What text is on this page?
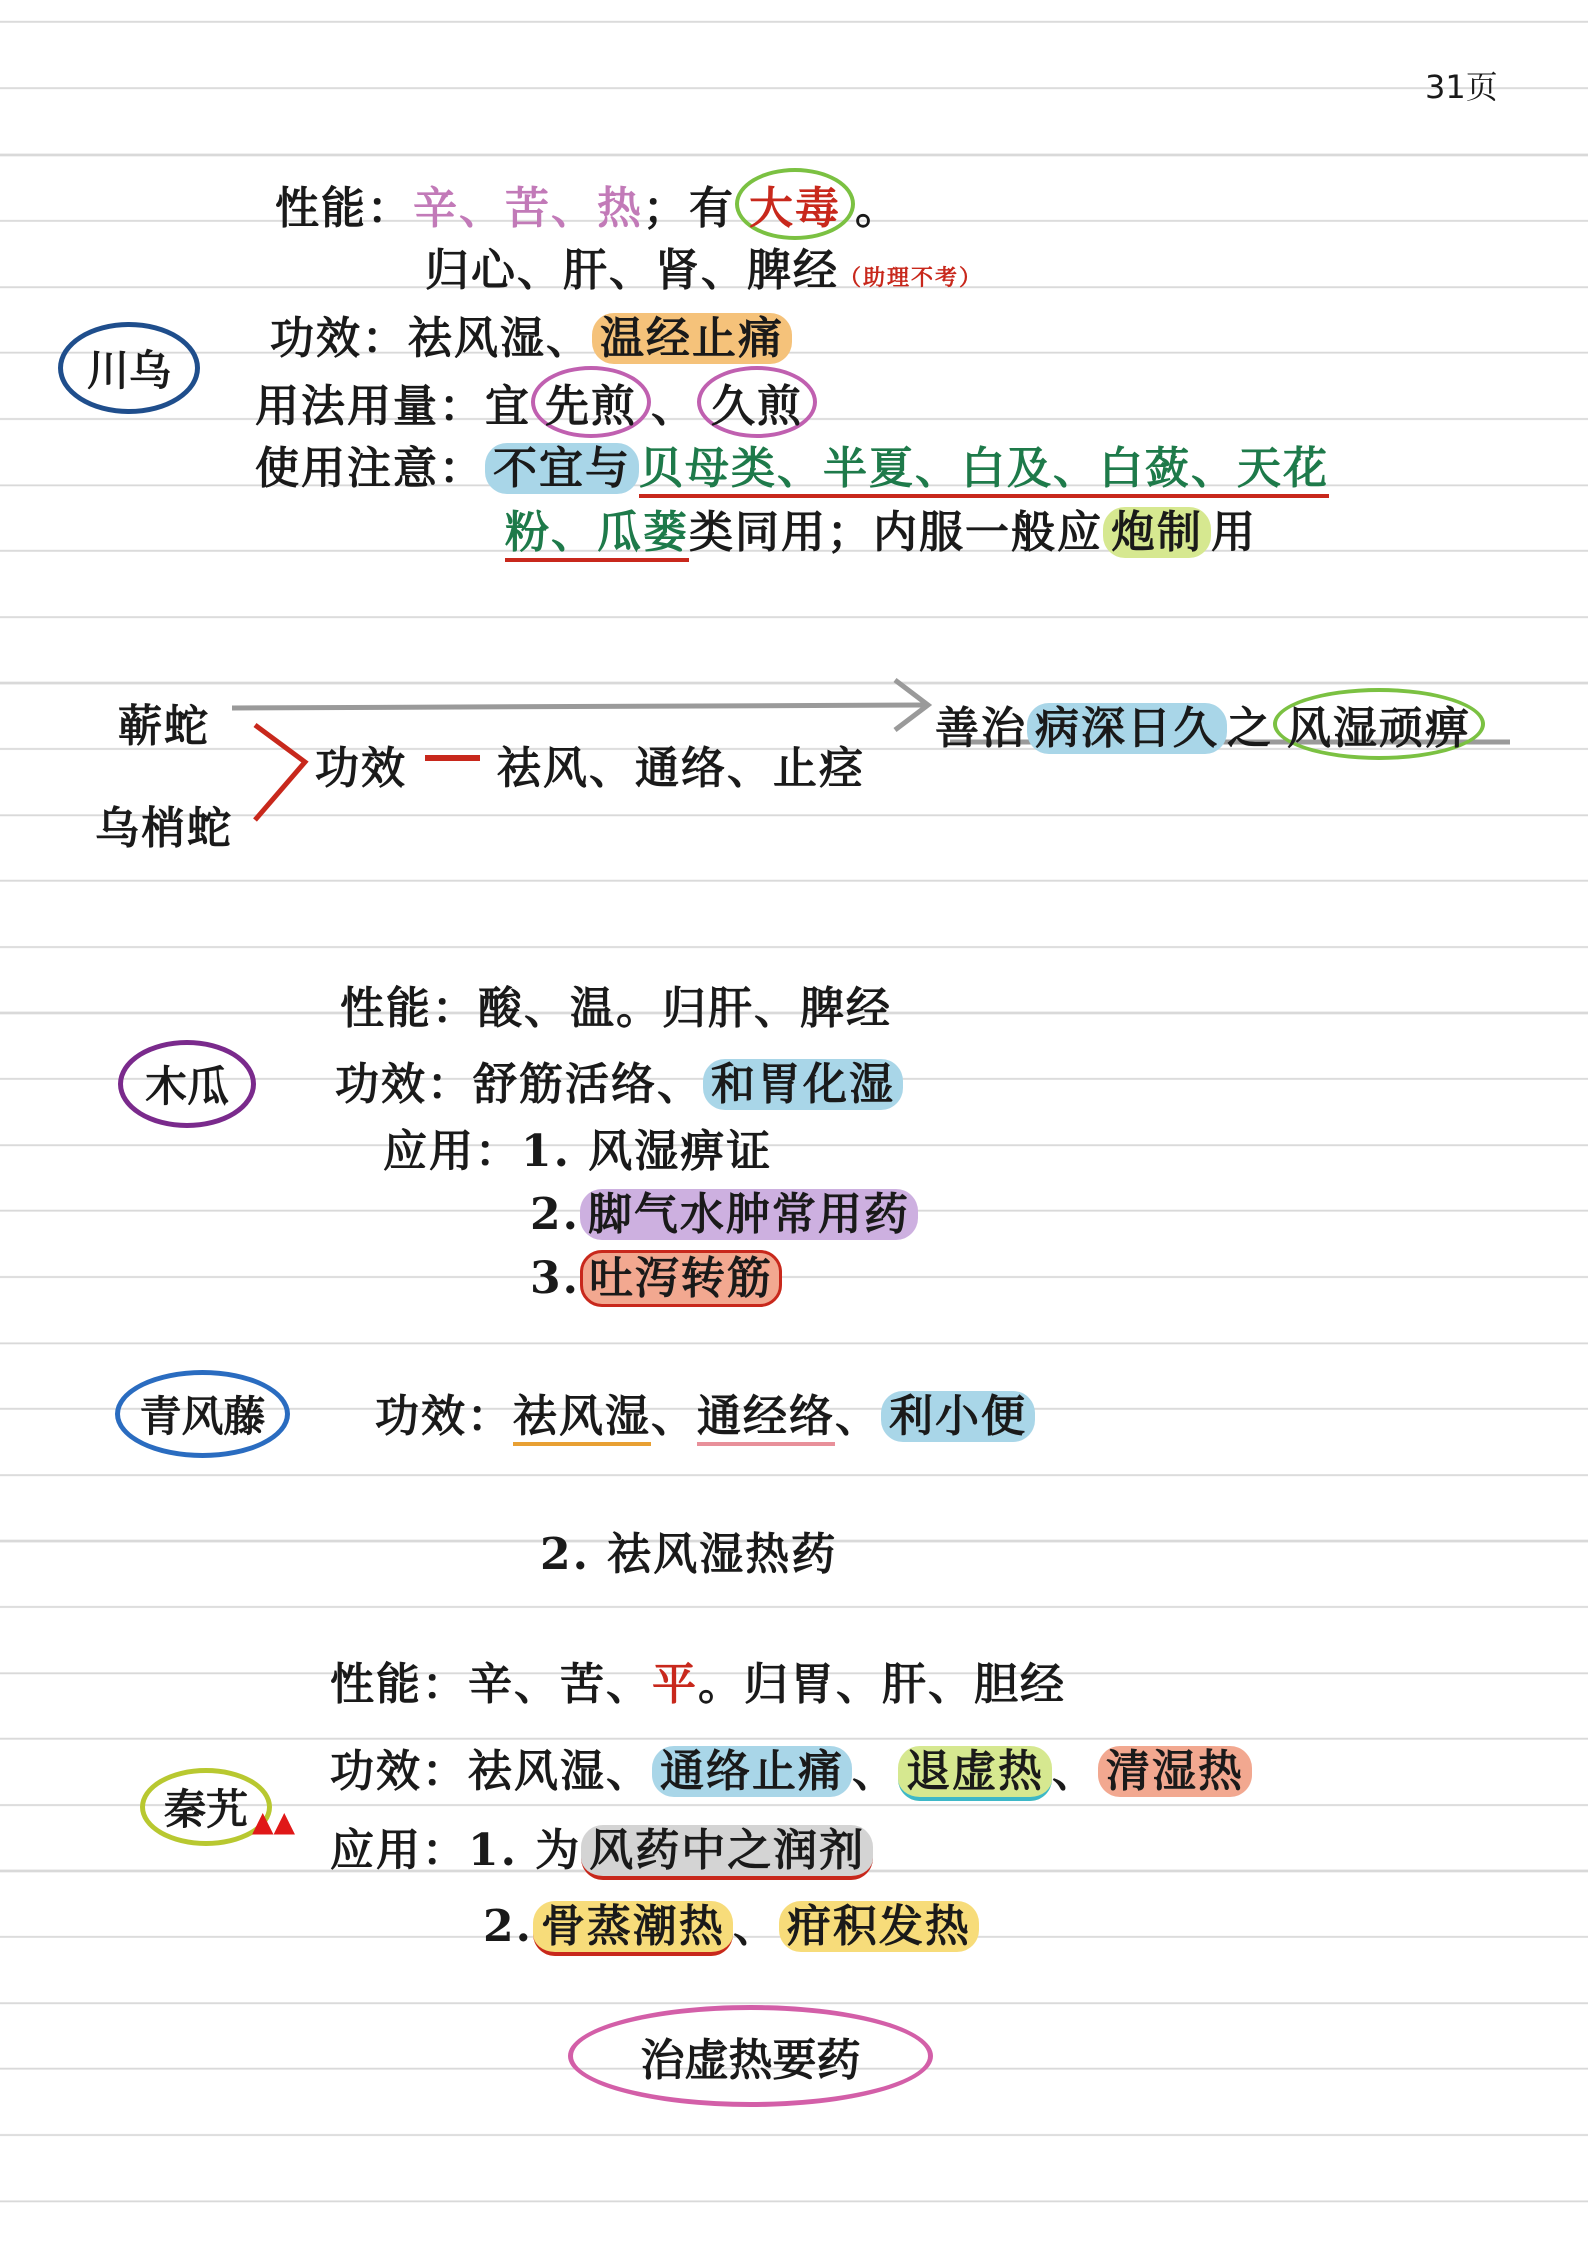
31页
川乌
性能：辛、苦、热；有 大毒 。
归心、肝、肾、脾经（助理不考）
功效：祛风湿、 温经止痛
用法用量：宜 先煎 、 久煎
使用注意： 不宜与 贝母类、半夏、白及、白蔹、天花
粉、瓜蒌类同用；内服一般应 炮制 用
蕲蛇
乌梢蛇
功效 祛风、通络、止痉
善治 病深日久 之 风湿顽痹
木瓜
性能：酸、温。归肝、脾经
功效：舒筋活络、 和胃化湿
应用：1. 风湿痹证
2. 脚气水肿常用药
3. 吐泻转筋
青风藤 功效：祛风湿、通经络、 利小便
2. 祛风湿热药
秦艽 ▲▲
性能：辛、苦、平。归胃、肝、胆经
功效：祛风湿、 通络止痛 、 退虚热 、 清湿热
应用：1. 为 风药中之润剂
2. 骨蒸潮热 、 疳积发热
治虚热要药
